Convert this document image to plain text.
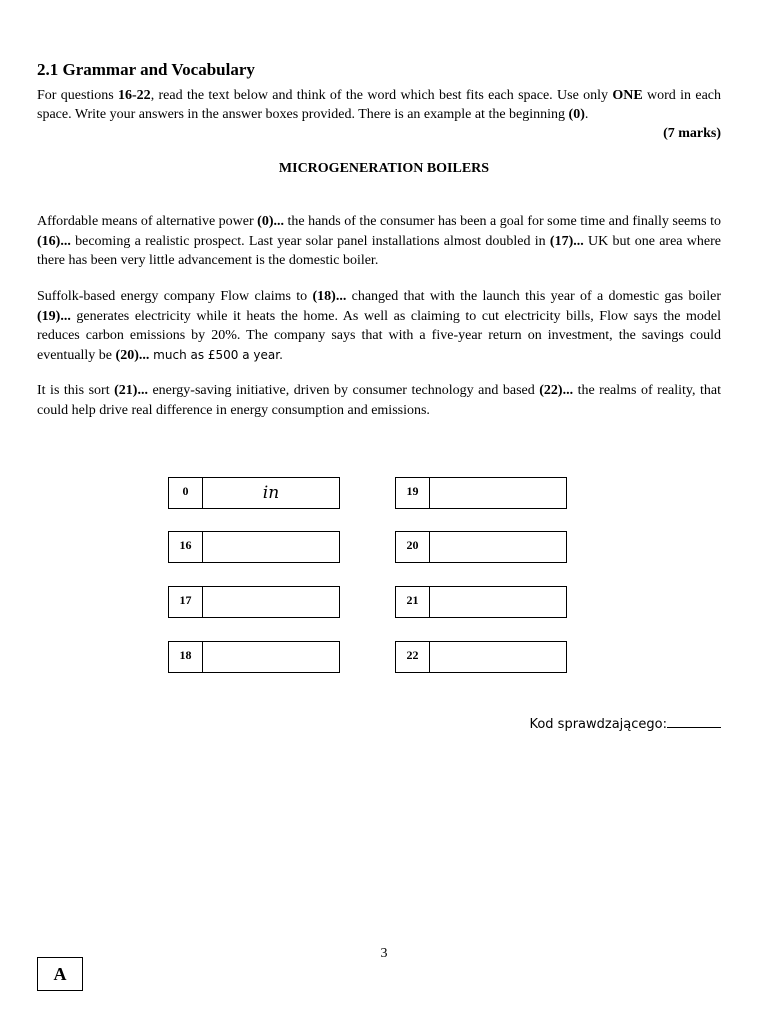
2.1 Grammar and Vocabulary

For questions 16-22, read the text below and think of the word which best fits each space. Use only ONE word in each space. Write your answers in the answer boxes provided. There is an example at the beginning (0).
(7 marks)

MICROGENERATION BOILERS

Affordable means of alternative power (0)... the hands of the consumer has been a goal for some time and finally seems to (16)... becoming a realistic prospect. Last year solar panel installations almost doubled in (17)... UK but one area where there has been very little advancement is the domestic boiler.

Suffolk-based energy company Flow claims to (18)... changed that with the launch this year of a domestic gas boiler (19)... generates electricity while it heats the home. As well as claiming to cut electricity bills, Flow says the model reduces carbon emissions by 20%. The company says that with a five-year return on investment, the savings could eventually be (20)... much as £500 a year.

It is this sort (21)... energy-saving initiative, driven by consumer technology and based (22)... the realms of reality, that could help drive real difference in energy consumption and emissions.

0	in
16
17
18
19
20
21
22
Kod sprawdzającego:
3
A
